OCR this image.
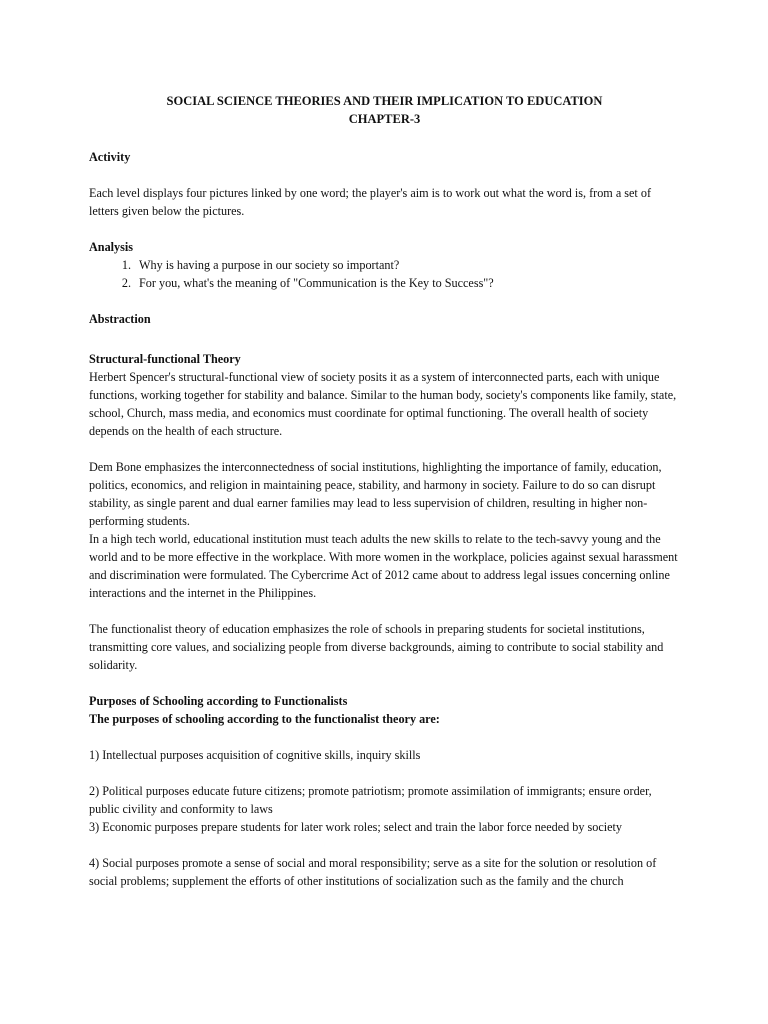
SOCIAL SCIENCE THEORIES AND THEIR IMPLICATION TO EDUCATION

CHAPTER-3

Activity

Each level displays four pictures linked by one word; the player's aim is to work out what the word is, from a set of letters given below the pictures.

Analysis

1. Why is having a purpose in our society so important?
2. For you, what's the meaning of "Communication is the Key to Success"?

Abstraction

Structural-functional Theory

Herbert Spencer's structural-functional view of society posits it as a system of interconnected parts, each with unique functions, working together for stability and balance. Similar to the human body, society's components like family, state, school, Church, mass media, and economics must coordinate for optimal functioning. The overall health of society depends on the health of each structure.

Dem Bone emphasizes the interconnectedness of social institutions, highlighting the importance of family, education, politics, economics, and religion in maintaining peace, stability, and harmony in society. Failure to do so can disrupt stability, as single parent and dual earner families may lead to less supervision of children, resulting in higher non-performing students.

In a high tech world, educational institution must teach adults the new skills to relate to the tech-savvy young and the world and to be more effective in the workplace. With more women in the workplace, policies against sexual harassment and discrimination were formulated. The Cybercrime Act of 2012 came about to address legal issues concerning online interactions and the internet in the Philippines.

The functionalist theory of education emphasizes the role of schools in preparing students for societal institutions, transmitting core values, and socializing people from diverse backgrounds, aiming to contribute to social stability and solidarity.

Purposes of Schooling according to Functionalists

The purposes of schooling according to the functionalist theory are:

1) Intellectual purposes acquisition of cognitive skills, inquiry skills

2) Political purposes educate future citizens; promote patriotism; promote assimilation of immigrants; ensure order, public civility and conformity to laws

3) Economic purposes prepare students for later work roles; select and train the labor force needed by society

4) Social purposes promote a sense of social and moral responsibility; serve as a site for the solution or resolution of social problems; supplement the efforts of other institutions of socialization such as the family and the church
